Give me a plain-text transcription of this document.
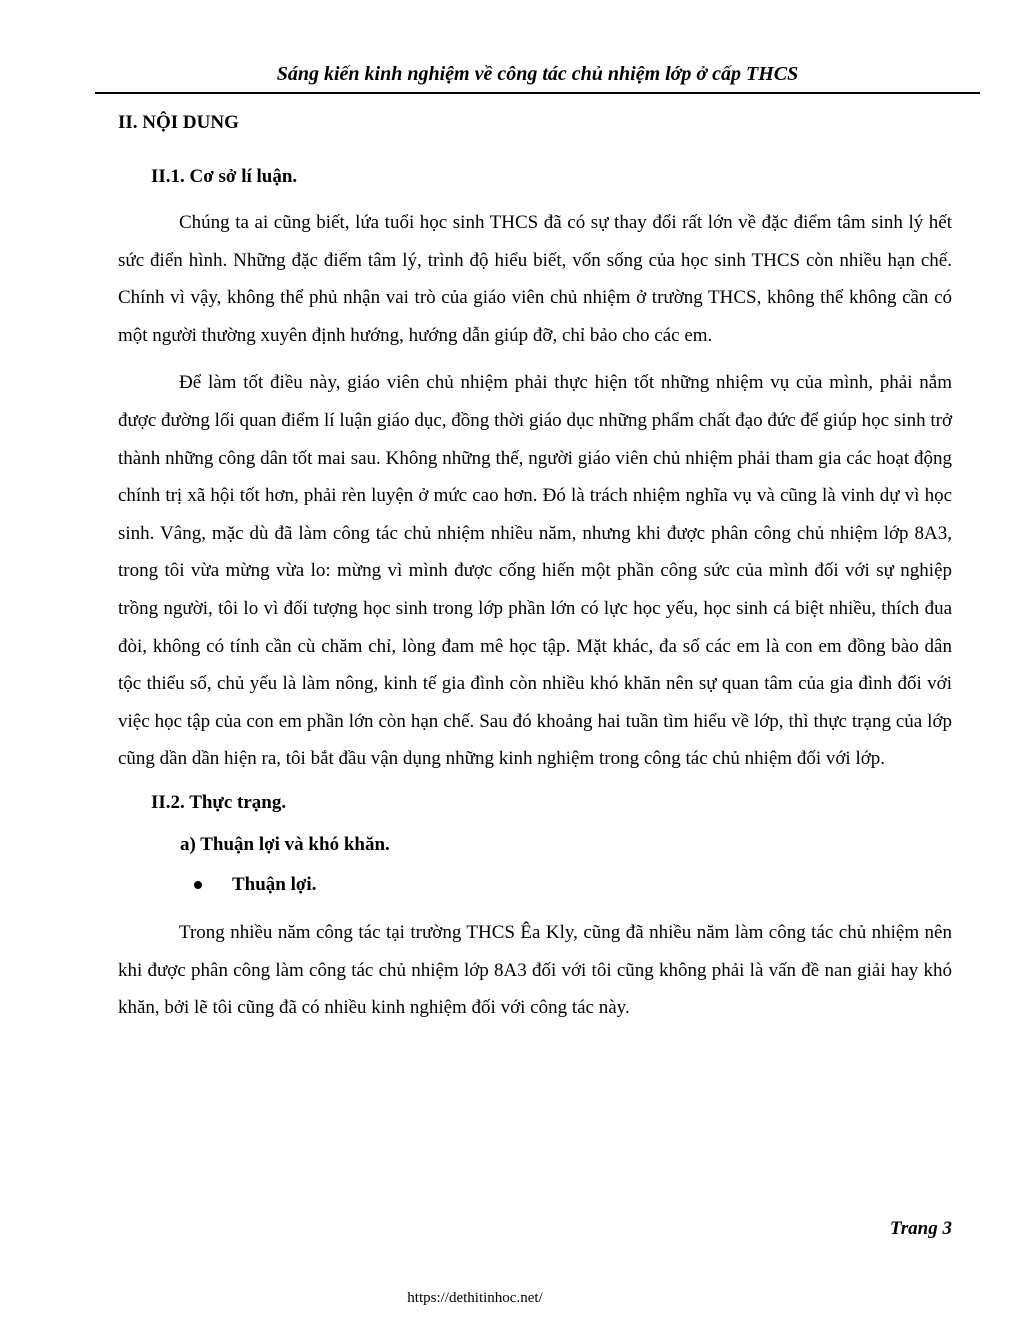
Sáng kiến kinh nghiệm về công tác chủ nhiệm lớp ở cấp THCS
II. NỘI DUNG
II.1. Cơ sở lí luận.

Chúng ta ai cũng biết, lứa tuổi học sinh THCS đã có sự thay đổi rất lớn về đặc điểm tâm sinh lý hết sức điển hình. Những đặc điểm tâm lý, trình độ hiểu biết, vốn sống của học sinh THCS còn nhiều hạn chế. Chính vì vậy, không thể phủ nhận vai trò của giáo viên chủ nhiệm ở trường THCS, không thể không cần có một người thường xuyên định hướng, hướng dẫn giúp đỡ, chỉ bảo cho các em.

Để làm tốt điều này, giáo viên chủ nhiệm phải thực hiện tốt những nhiệm vụ của mình, phải nắm được đường lối quan điểm lí luận giáo dục, đồng thời giáo dục những phẩm chất đạo đức để giúp học sinh trở thành những công dân tốt mai sau. Không những thế, người giáo viên chủ nhiệm phải tham gia các hoạt động chính trị xã hội tốt hơn, phải rèn luyện ở mức cao hơn. Đó là trách nhiệm nghĩa vụ và cũng là vinh dự vì học sinh. Vâng, mặc dù đã làm công tác chủ nhiệm nhiều năm, nhưng khi được phân công chủ nhiệm lớp 8A3, trong tôi vừa mừng vừa lo: mừng vì mình được cống hiến một phần công sức của mình đối với sự nghiệp trồng người, tôi lo vì đối tượng học sinh trong lớp phần lớn có lực học yếu, học sinh cá biệt nhiều, thích đua đòi, không có tính cần cù chăm chỉ, lòng đam mê học tập. Mặt khác, đa số các em là con em đồng bào dân tộc thiểu số, chủ yếu là làm nông, kinh tế gia đình còn nhiều khó khăn nên sự quan tâm của gia đình đối với việc học tập của con em phần lớn còn hạn chế. Sau đó khoảng hai tuần tìm hiểu về lớp, thì thực trạng của lớp cũng dần dần hiện ra, tôi bắt đầu vận dụng những kinh nghiệm trong công tác chủ nhiệm đối với lớp.

II.2. Thực trạng.
a) Thuận lợi và khó khăn.
Thuận lợi.

Trong nhiều năm công tác tại trường THCS Êa Kly, cũng đã nhiều năm làm công tác chủ nhiệm nên khi được phân công làm công tác chủ nhiệm lớp 8A3 đối với tôi cũng không phải là vấn đề nan giải hay khó khăn, bởi lẽ tôi cũng đã có nhiều kinh nghiệm đối với công tác này.

Trang 3
https://dethitinhoc.net/
